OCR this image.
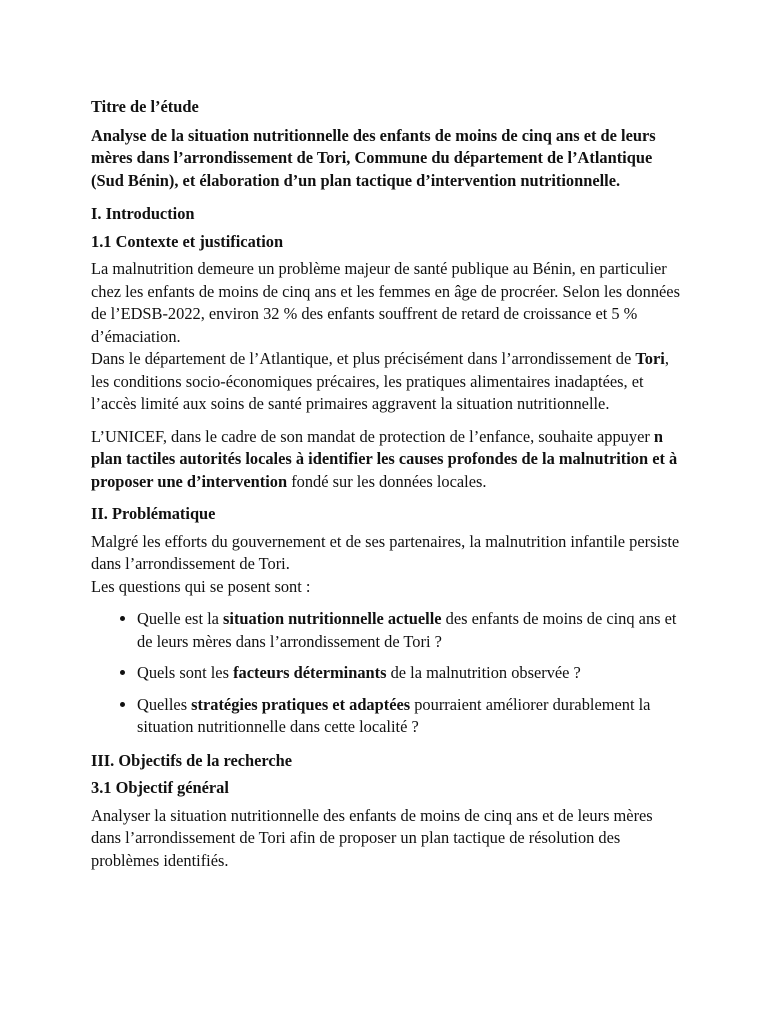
Titre de l’étude

Analyse de la situation nutritionnelle des enfants de moins de cinq ans et de leurs mères dans l’arrondissement de Tori, Commune du département de l’Atlantique (Sud Bénin), et élaboration d’un plan tactique d’intervention nutritionnelle.

I. Introduction

1.1 Contexte et justification

La malnutrition demeure un problème majeur de santé publique au Bénin, en particulier chez les enfants de moins de cinq ans et les femmes en âge de procréer. Selon les données de l’EDSB-2022, environ 32 % des enfants souffrent de retard de croissance et 5 % d’émaciation.

Dans le département de l’Atlantique, et plus précisément dans l’arrondissement de Tori, les conditions socio-économiques précaires, les pratiques alimentaires inadaptées, et l’accès limité aux soins de santé primaires aggravent la situation nutritionnelle.

L’UNICEF, dans le cadre de son mandat de protection de l’enfance, souhaite appuyer n plan tactiles autorités locales à identifier les causes profondes de la malnutrition et à proposer une d’intervention fondé sur les données locales.

II. Problématique

Malgré les efforts du gouvernement et de ses partenaires, la malnutrition infantile persiste dans l’arrondissement de Tori.

Les questions qui se posent sont :

• Quelle est la situation nutritionnelle actuelle des enfants de moins de cinq ans et de leurs mères dans l’arrondissement de Tori ?
• Quels sont les facteurs déterminants de la malnutrition observée ?
• Quelles stratégies pratiques et adaptées pourraient améliorer durablement la situation nutritionnelle dans cette localité ?

III. Objectifs de la recherche

3.1 Objectif général

Analyser la situation nutritionnelle des enfants de moins de cinq ans et de leurs mères dans l’arrondissement de Tori afin de proposer un plan tactique de résolution des problèmes identifiés.
